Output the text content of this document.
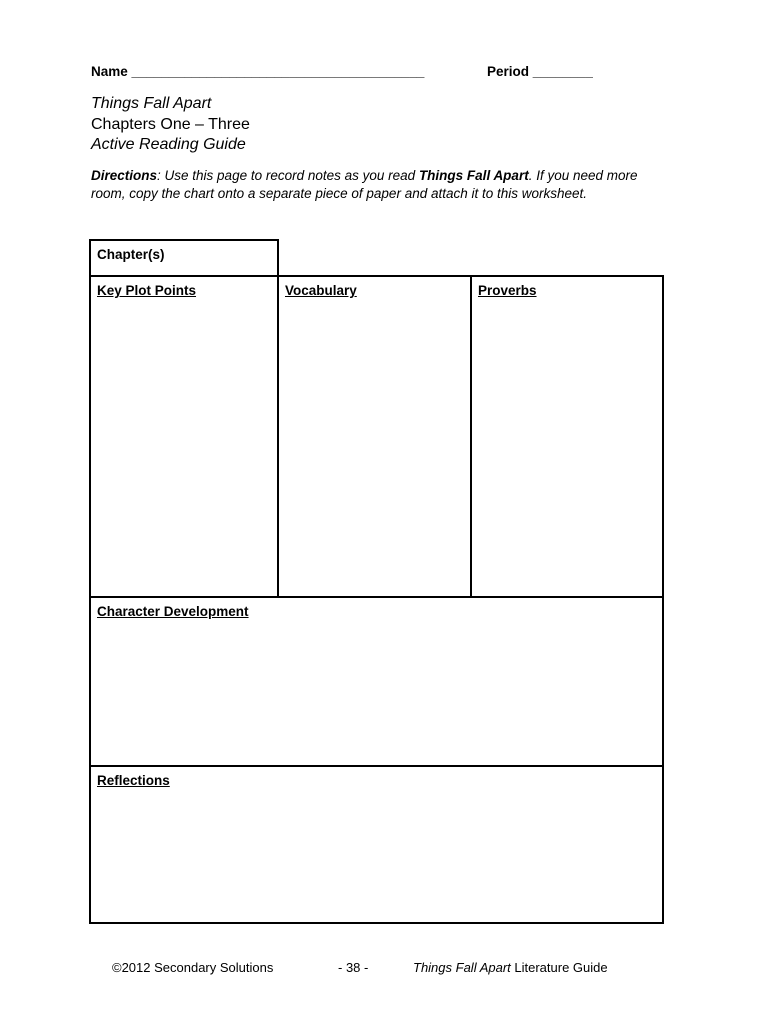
Name _______________________________________	Period ________
Things Fall Apart
Chapters One – Three
Active Reading Guide
Directions: Use this page to record notes as you read Things Fall Apart. If you need more room, copy the chart onto a separate piece of paper and attach it to this worksheet.
Chapter(s)
Key Plot Points	Vocabulary	Proverbs
Character Development
Reflections
©2012 Secondary Solutions	- 38 -	Things Fall Apart Literature Guide
